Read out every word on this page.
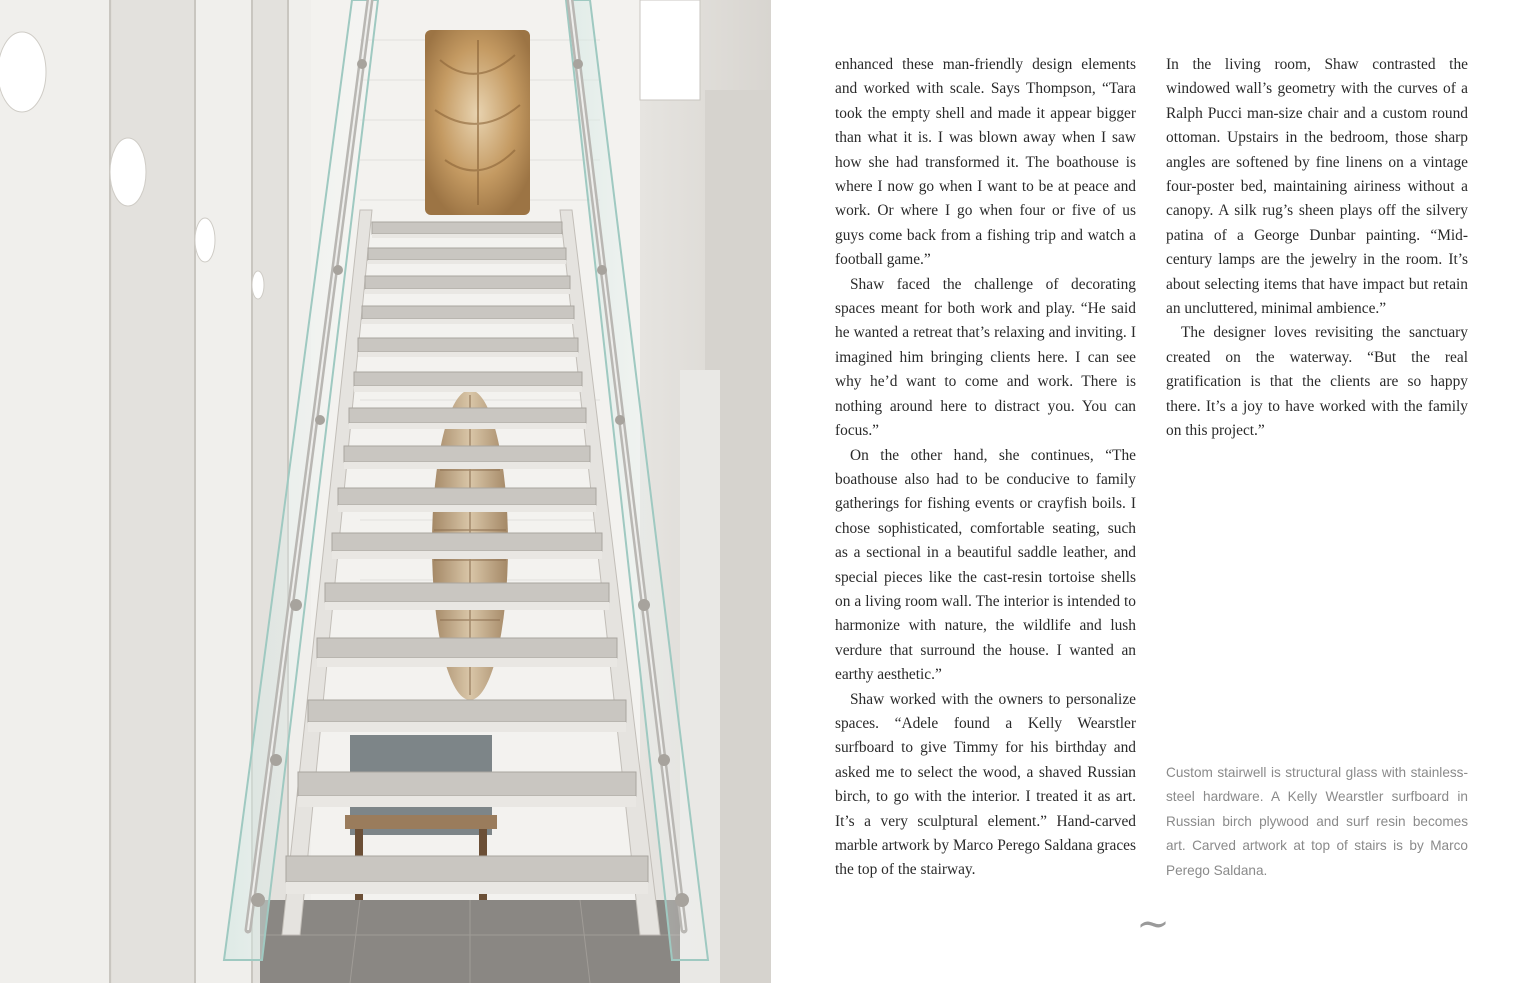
enhanced these man-friendly design elements and worked with scale. Says Thompson, “Tara took the empty shell and made it appear bigger than what it is. I was blown away when I saw how she had transformed it. The boathouse is where I now go when I want to be at peace and work. Or where I go when four or five of us guys come back from a fishing trip and watch a football game.”

Shaw faced the challenge of decorating spaces meant for both work and play. “He said he wanted a retreat that’s relaxing and inviting. I imagined him bringing clients here. I can see why he’d want to come and work. There is nothing around here to distract you. You can focus.”

On the other hand, she continues, “The boathouse also had to be conducive to family gatherings for fishing events or crayfish boils. I chose sophisticated, comfortable seating, such as a sectional in a beautiful saddle leather, and special pieces like the cast-resin tortoise shells on a living room wall. The interior is intended to harmonize with nature, the wildlife and lush verdure that surround the house. I wanted an earthy aesthetic.”

Shaw worked with the owners to personalize spaces. “Adele found a Kelly Wearstler surfboard to give Timmy for his birthday and asked me to select the wood, a shaved Russian birch, to go with the interior. I treated it as art. It’s a very sculptural element.” Hand-carved marble artwork by Marco Perego Saldana graces the top of the stairway.

In the living room, Shaw contrasted the windowed wall’s geometry with the curves of a Ralph Pucci man-size chair and a custom round ottoman. Upstairs in the bedroom, those sharp angles are softened by fine linens on a vintage four-poster bed, maintaining airiness without a canopy. A silk rug’s sheen plays off the silvery patina of a George Dunbar painting. “Mid-century lamps are the jewelry in the room. It’s about selecting items that have impact but retain an uncluttered, minimal ambience.”

The designer loves revisiting the sanctuary created on the waterway. “But the real gratification is that the clients are so happy there. It’s a joy to have worked with the family on this project.”

Custom stairwell is structural glass with stainless-steel hardware. A Kelly Wearstler surfboard in Russian birch plywood and surf resin becomes art. Carved artwork at top of stairs is by Marco Perego Saldana.

~
